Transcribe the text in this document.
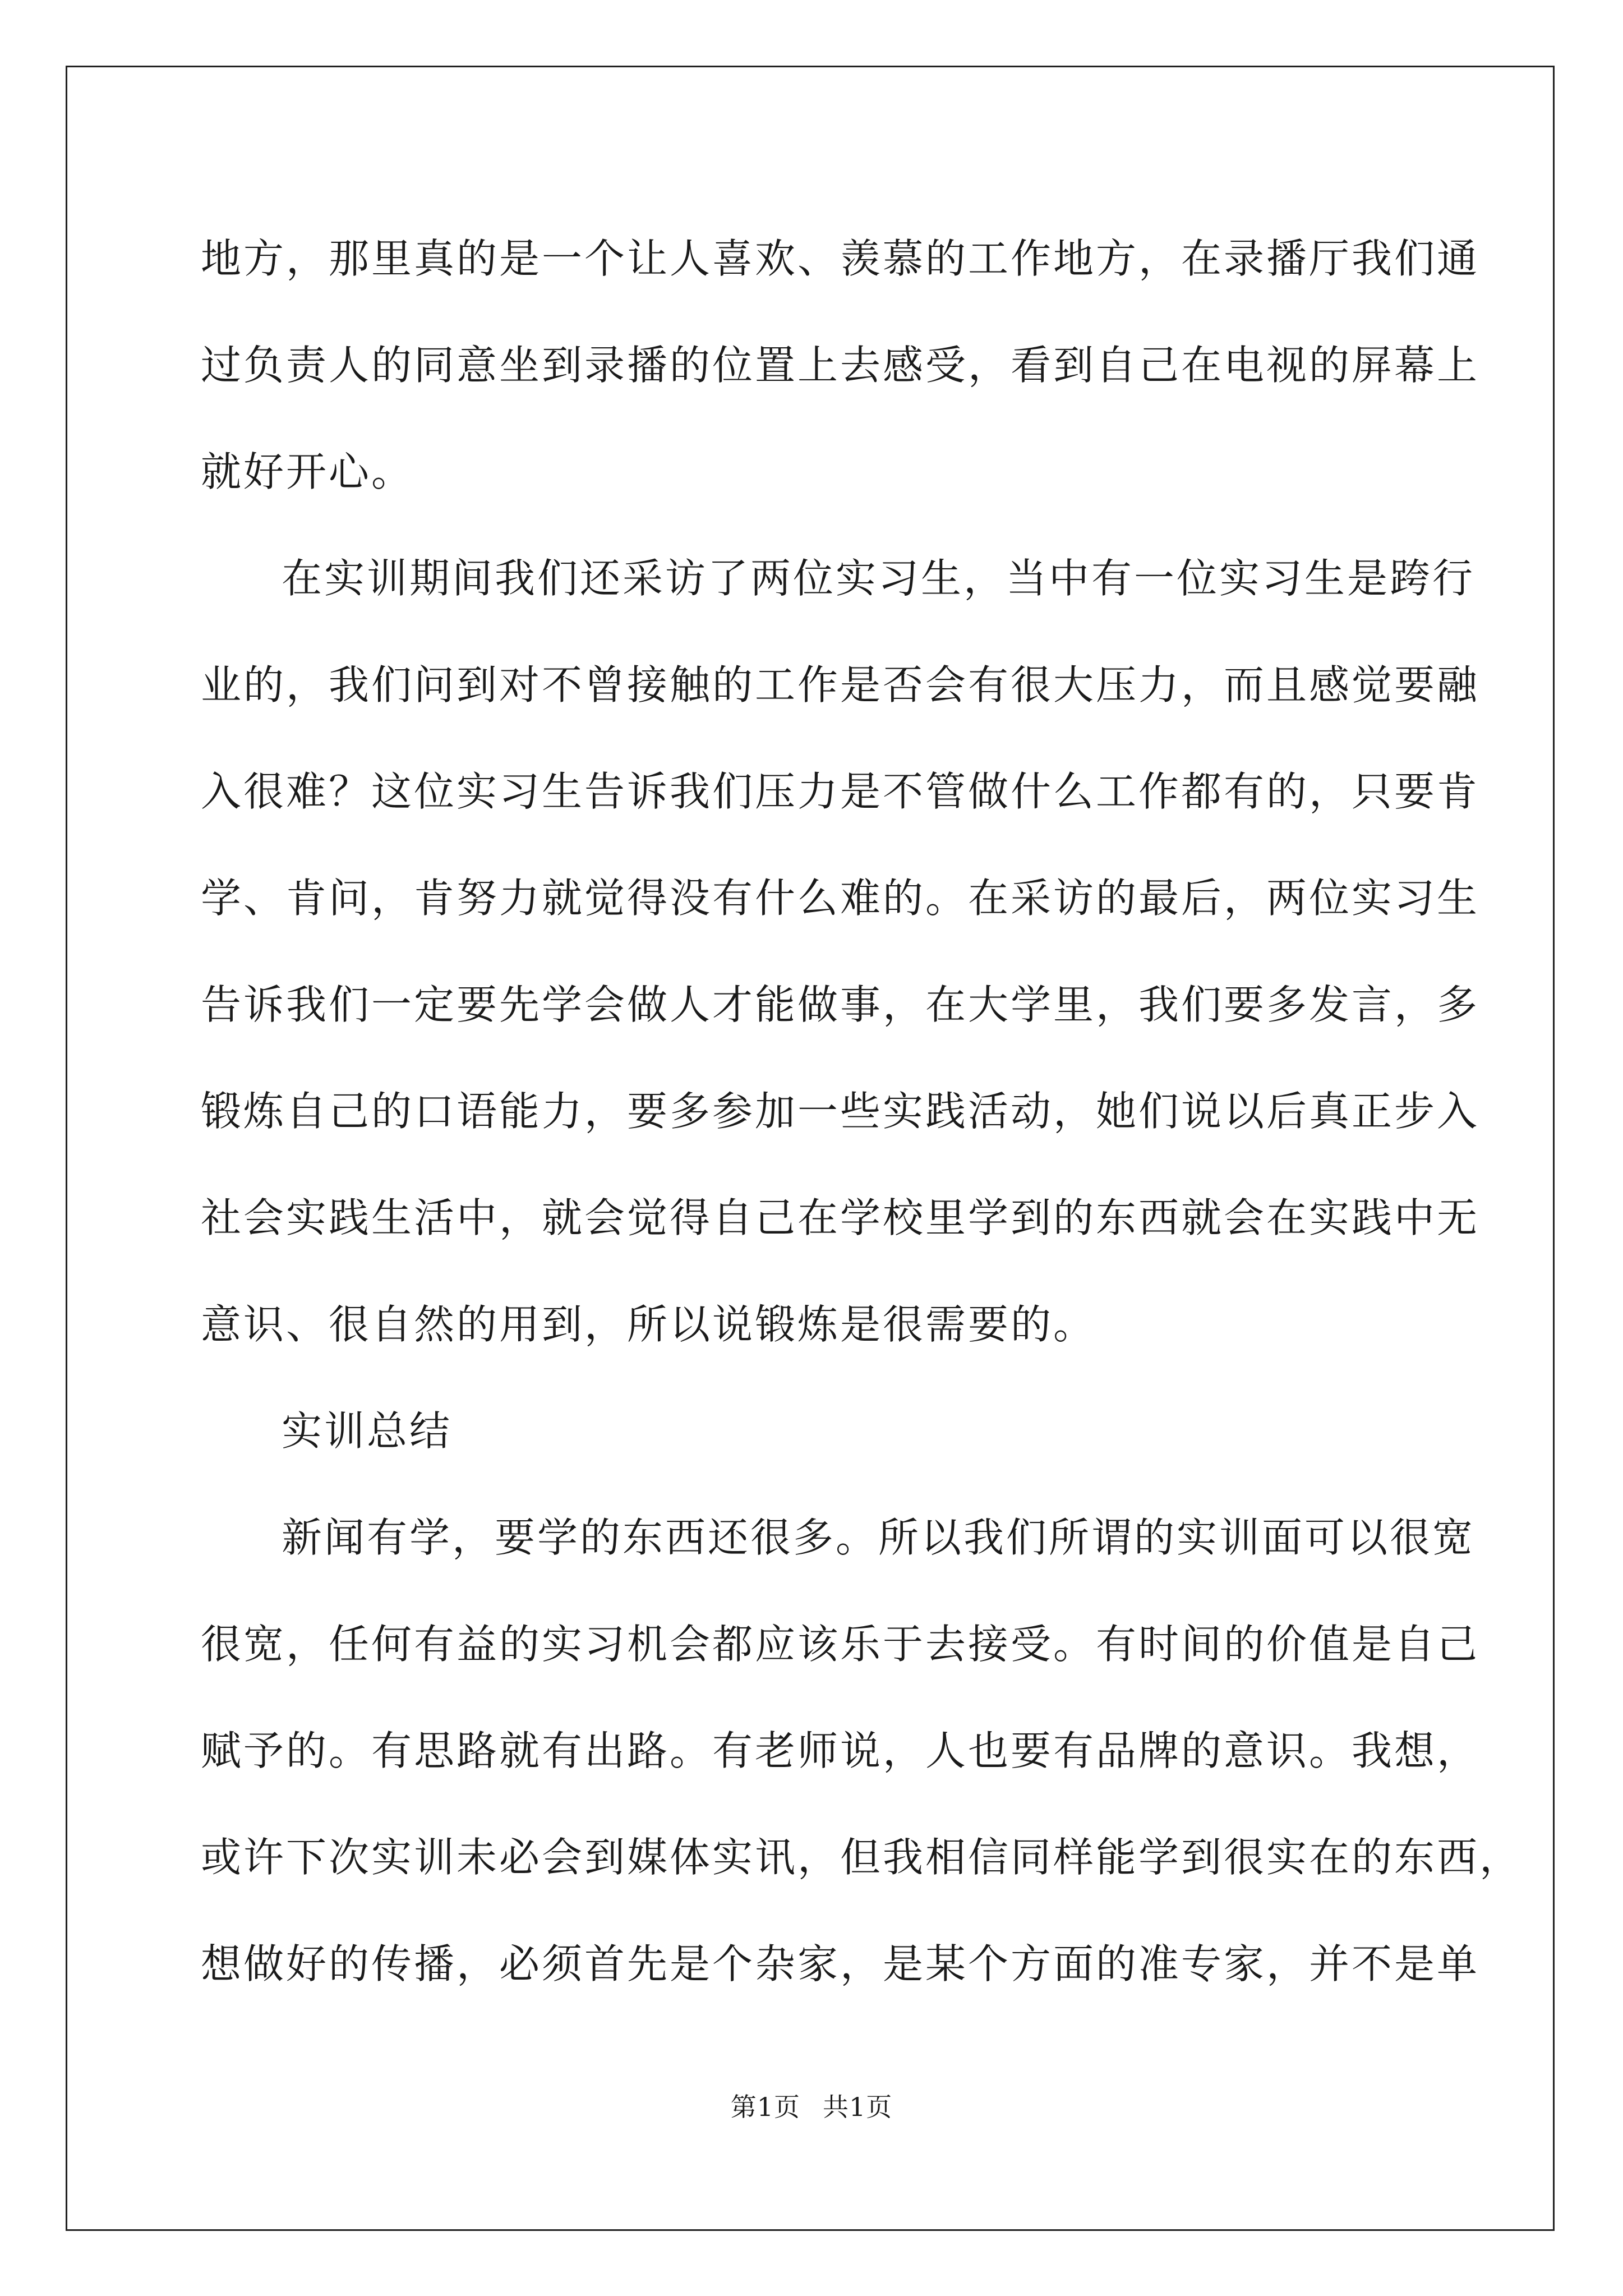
地方，那里真的是一个让人喜欢、羡慕的工作地方，在录播厅我们通
过负责人的同意坐到录播的位置上去感受，看到自己在电视的屏幕上
就好开心。
在实训期间我们还采访了两位实习生，当中有一位实习生是跨行
业的，我们问到对不曾接触的工作是否会有很大压力，而且感觉要融
入很难？这位实习生告诉我们压力是不管做什么工作都有的，只要肯
学、肯问，肯努力就觉得没有什么难的。在采访的最后，两位实习生
告诉我们一定要先学会做人才能做事，在大学里，我们要多发言，多
锻炼自己的口语能力，要多参加一些实践活动，她们说以后真正步入
社会实践生活中，就会觉得自己在学校里学到的东西就会在实践中无
意识、很自然的用到，所以说锻炼是很需要的。
实训总结
新闻有学，要学的东西还很多。所以我们所谓的实训面可以很宽
很宽，任何有益的实习机会都应该乐于去接受。有时间的价值是自己
赋予的。有思路就有出路。有老师说，人也要有品牌的意识。我想，
或许下次实训未必会到媒体实讯，但我相信同样能学到很实在的东西，
想做好的传播，必须首先是个杂家，是某个方面的准专家，并不是单
第1页 共1页
